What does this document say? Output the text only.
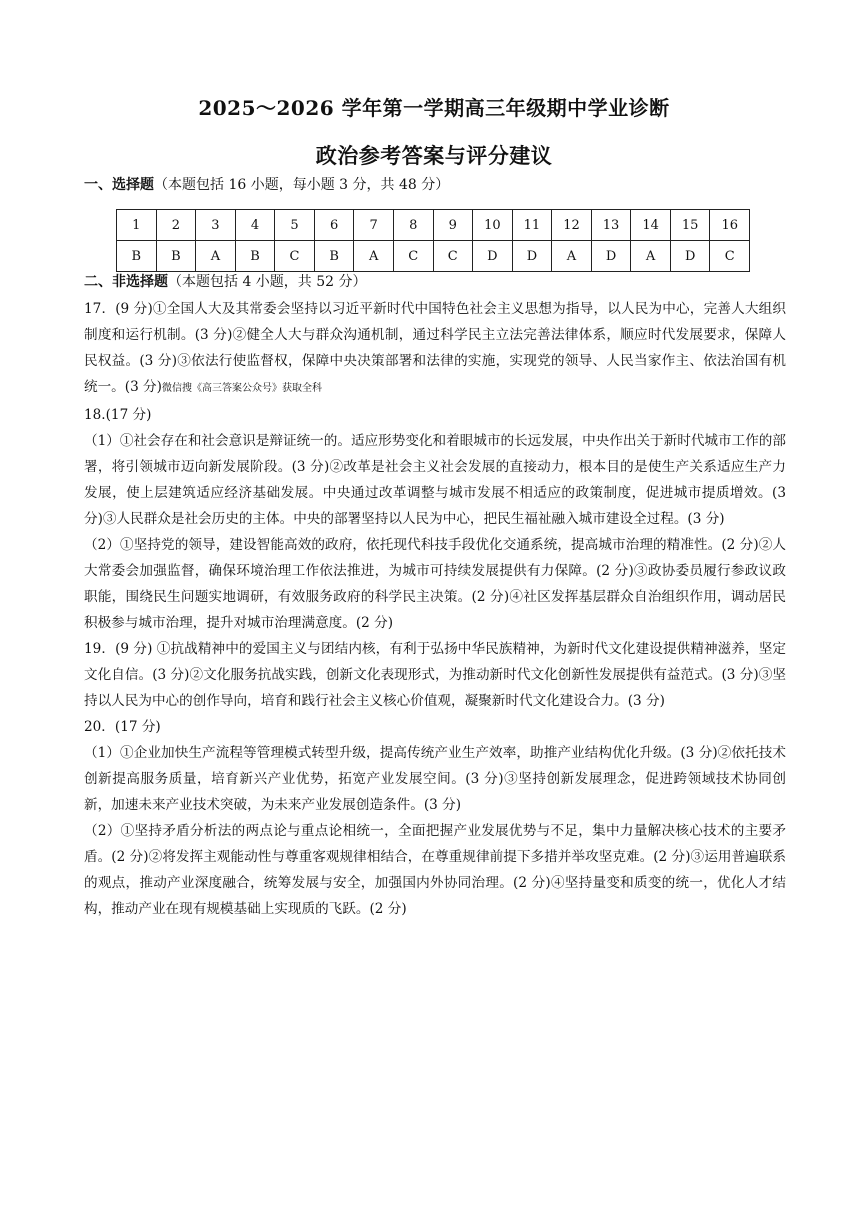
2025～2026 学年第一学期高三年级期中学业诊断
政治参考答案与评分建议
一、选择题（本题包括 16 小题，每小题 3 分，共 48 分）
1	2	3	4	5	6	7	8	9	10	11	12	13	14	15	16
B	B	A	B	C	B	A	C	C	D	D	A	D	A	D	C
二、非选择题（本题包括 4 小题，共 52 分）

17．(9 分)①全国人大及其常委会坚持以习近平新时代中国特色社会主义思想为指导，以人民为中心，完善人大组织制度和运行机制。(3 分)②健全人大与群众沟通机制，通过科学民主立法完善法律体系，顺应时代发展要求，保障人民权益。(3 分)③依法行使监督权，保障中央决策部署和法律的实施，实现党的领导、人民当家作主、依法治国有机统一。(3 分)微信搜《高三答案公众号》获取全科

18.(17 分)

（1）①社会存在和社会意识是辩证统一的。适应形势变化和着眼城市的长远发展，中央作出关于新时代城市工作的部署，将引领城市迈向新发展阶段。(3 分)②改革是社会主义社会发展的直接动力，根本目的是使生产关系适应生产力发展，使上层建筑适应经济基础发展。中央通过改革调整与城市发展不相适应的政策制度，促进城市提质增效。(3 分)③人民群众是社会历史的主体。中央的部署坚持以人民为中心，把民生福祉融入城市建设全过程。(3 分)

（2）①坚持党的领导，建设智能高效的政府，依托现代科技手段优化交通系统，提高城市治理的精准性。(2 分)②人大常委会加强监督，确保环境治理工作依法推进，为城市可持续发展提供有力保障。(2 分)③政协委员履行参政议政职能，围绕民生问题实地调研，有效服务政府的科学民主决策。(2 分)④社区发挥基层群众自治组织作用，调动居民积极参与城市治理，提升对城市治理满意度。(2 分)

19．(9 分) ①抗战精神中的爱国主义与团结内核，有利于弘扬中华民族精神，为新时代文化建设提供精神滋养，坚定文化自信。(3 分)②文化服务抗战实践，创新文化表现形式，为推动新时代文化创新性发展提供有益范式。(3 分)③坚持以人民为中心的创作导向，培育和践行社会主义核心价值观，凝聚新时代文化建设合力。(3 分)

20．(17 分)

（1）①企业加快生产流程等管理模式转型升级，提高传统产业生产效率，助推产业结构优化升级。(3 分)②依托技术创新提高服务质量，培育新兴产业优势，拓宽产业发展空间。(3 分)③坚持创新发展理念，促进跨领域技术协同创新，加速未来产业技术突破，为未来产业发展创造条件。(3 分)

（2）①坚持矛盾分析法的两点论与重点论相统一，全面把握产业发展优势与不足，集中力量解决核心技术的主要矛盾。(2 分)②将发挥主观能动性与尊重客观规律相结合，在尊重规律前提下多措并举攻坚克难。(2 分)③运用普遍联系的观点，推动产业深度融合，统筹发展与安全，加强国内外协同治理。(2 分)④坚持量变和质变的统一，优化人才结构，推动产业在现有规模基础上实现质的飞跃。(2 分)
